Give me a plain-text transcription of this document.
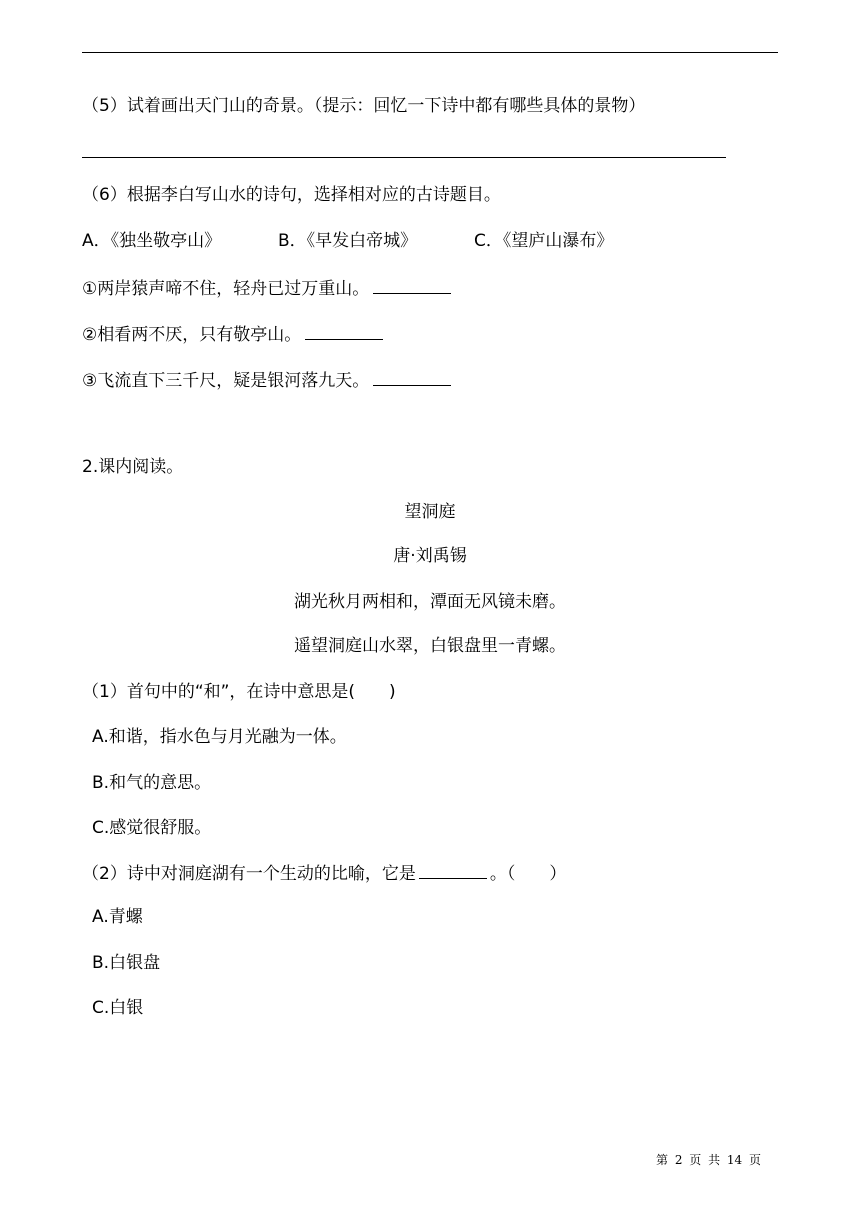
（5）试着画出天门山的奇景。（提示：回忆一下诗中都有哪些具体的景物）
（6）根据李白写山水的诗句，选择相对应的古诗题目。
A．《独坐敬亭山》	B．《早发白帝城》	C．《望庐山瀑布》
①两岸猿声啼不住，轻舟已过万重山。
②相看两不厌，只有敬亭山。
③飞流直下三千尺，疑是银河落九天。
2.课内阅读。
望洞庭
唐·刘禹锡
湖光秋月两相和，潭面无风镜未磨。
遥望洞庭山水翠，白银盘里一青螺。
（1）首句中的“和”，在诗中意思是(　　)
A.和谐，指水色与月光融为一体。
B.和气的意思。
C.感觉很舒服。
（2）诗中对洞庭湖有一个生动的比喻，它是	。（　　）
A.青螺
B.白银盘
C.白银
第 2 页 共 14 页
